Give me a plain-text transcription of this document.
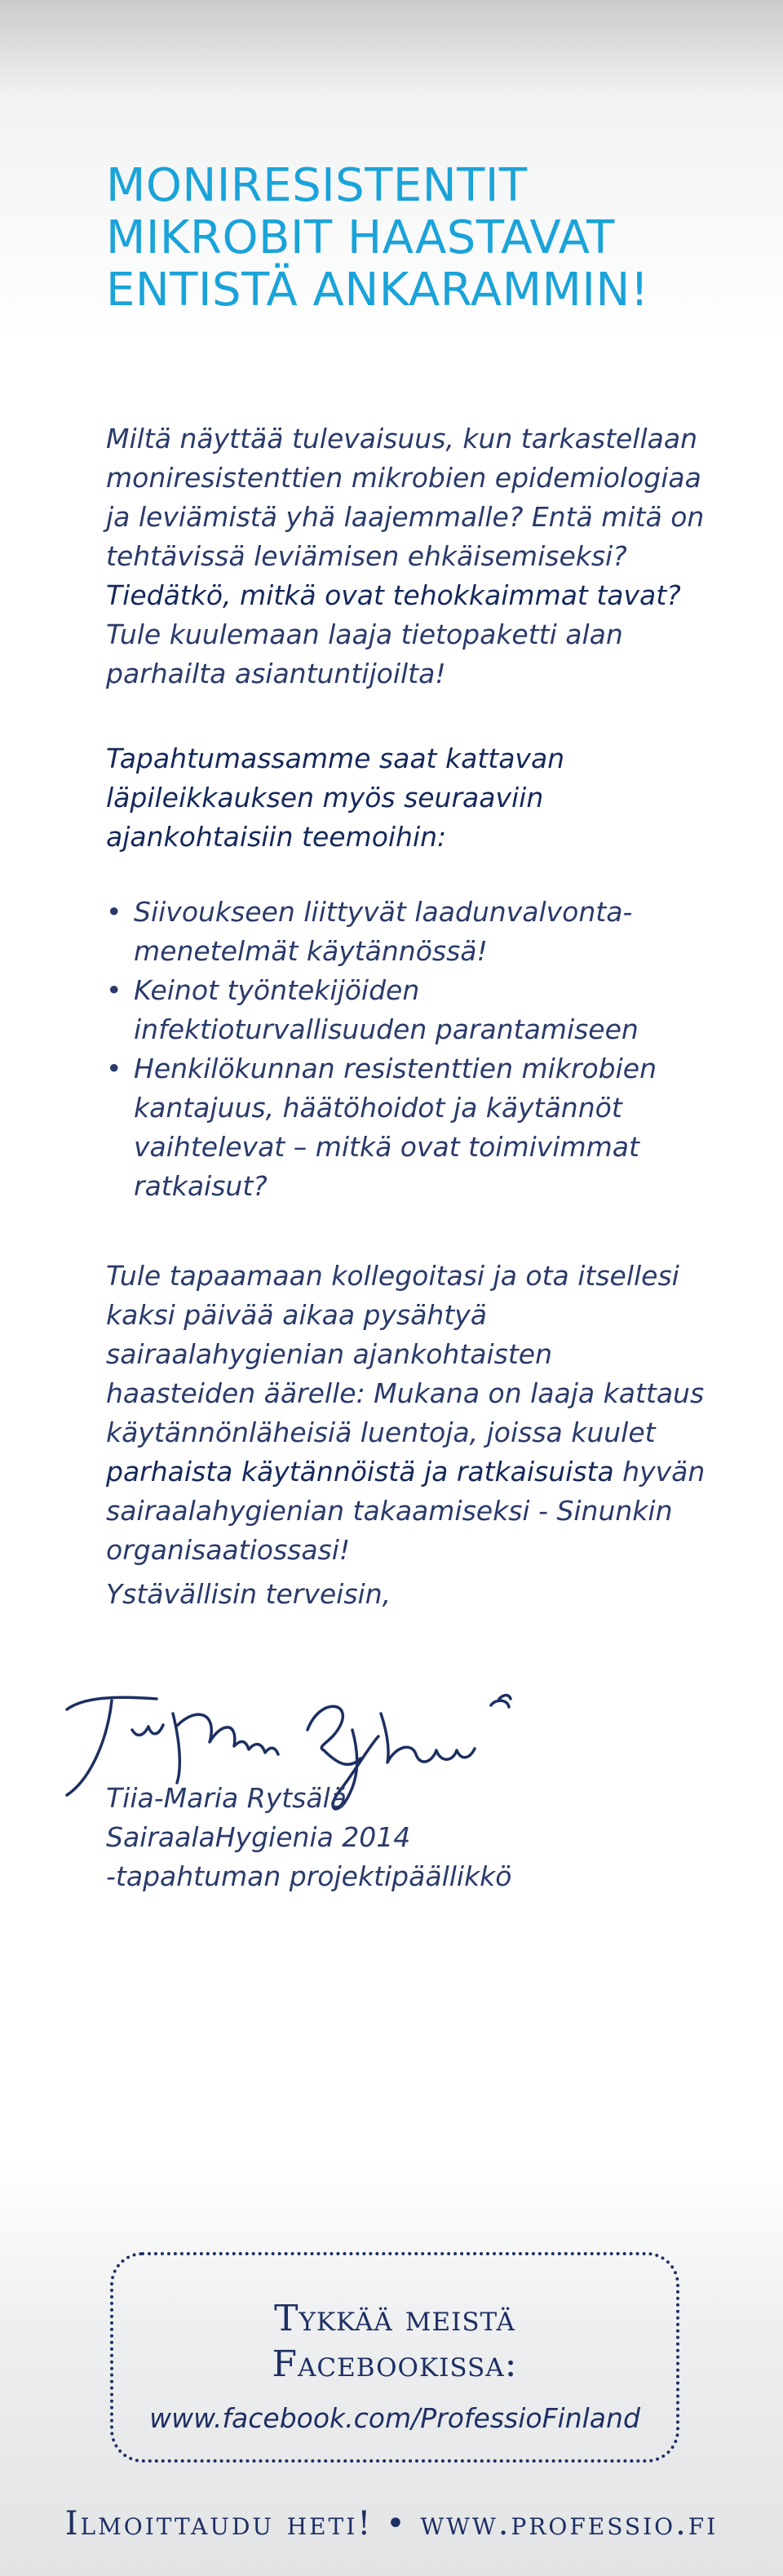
MONIRESISTENTIT
MIKROBIT HAASTAVAT
ENTISTÄ ANKARAMMIN!

Miltä näyttää tulevaisuus, kun tarkastellaan moniresistenttien mikrobien epidemiologiaa ja leviämistä yhä laajemmalle? Entä mitä on tehtävissä leviämisen ehkäisemiseksi? Tiedätkö, mitkä ovat tehokkaimmat tavat? Tule kuulemaan laaja tietopaketti alan parhailta asiantuntijoilta!

Tapahtumassamme saat kattavan läpileikkauksen myös seuraaviin ajankohtaisiin teemoihin:

• Siivoukseen liittyvät laadunvalvonta-menetelmät käytännössä!
• Keinot työntekijöiden infektioturvallisuuden parantamiseen
• Henkilökunnan resistenttien mikrobien kantajuus, häätöhoidot ja käytännöt vaihtelevat – mitkä ovat toimivimmat ratkaisut?

Tule tapaamaan kollegoitasi ja ota itsellesi kaksi päivää aikaa pysähtyä sairaalahygienian ajankohtaisten haasteiden äärelle: Mukana on laaja kattaus käytännönläheisiä luentoja, joissa kuulet parhaista käytännöistä ja ratkaisuista hyvän sairaalahygienian takaamiseksi - Sinunkin organisaatiossasi!

Ystävällisin terveisin,

Tiia-Maria Rytsälä
SairaalaHygienia 2014
-tapahtuman projektipäällikkö

Tykkää meistä
Facebookissa:

www.facebook.com/ProfessioFinland
Ilmoittaudu heti! • www.professio.fi
